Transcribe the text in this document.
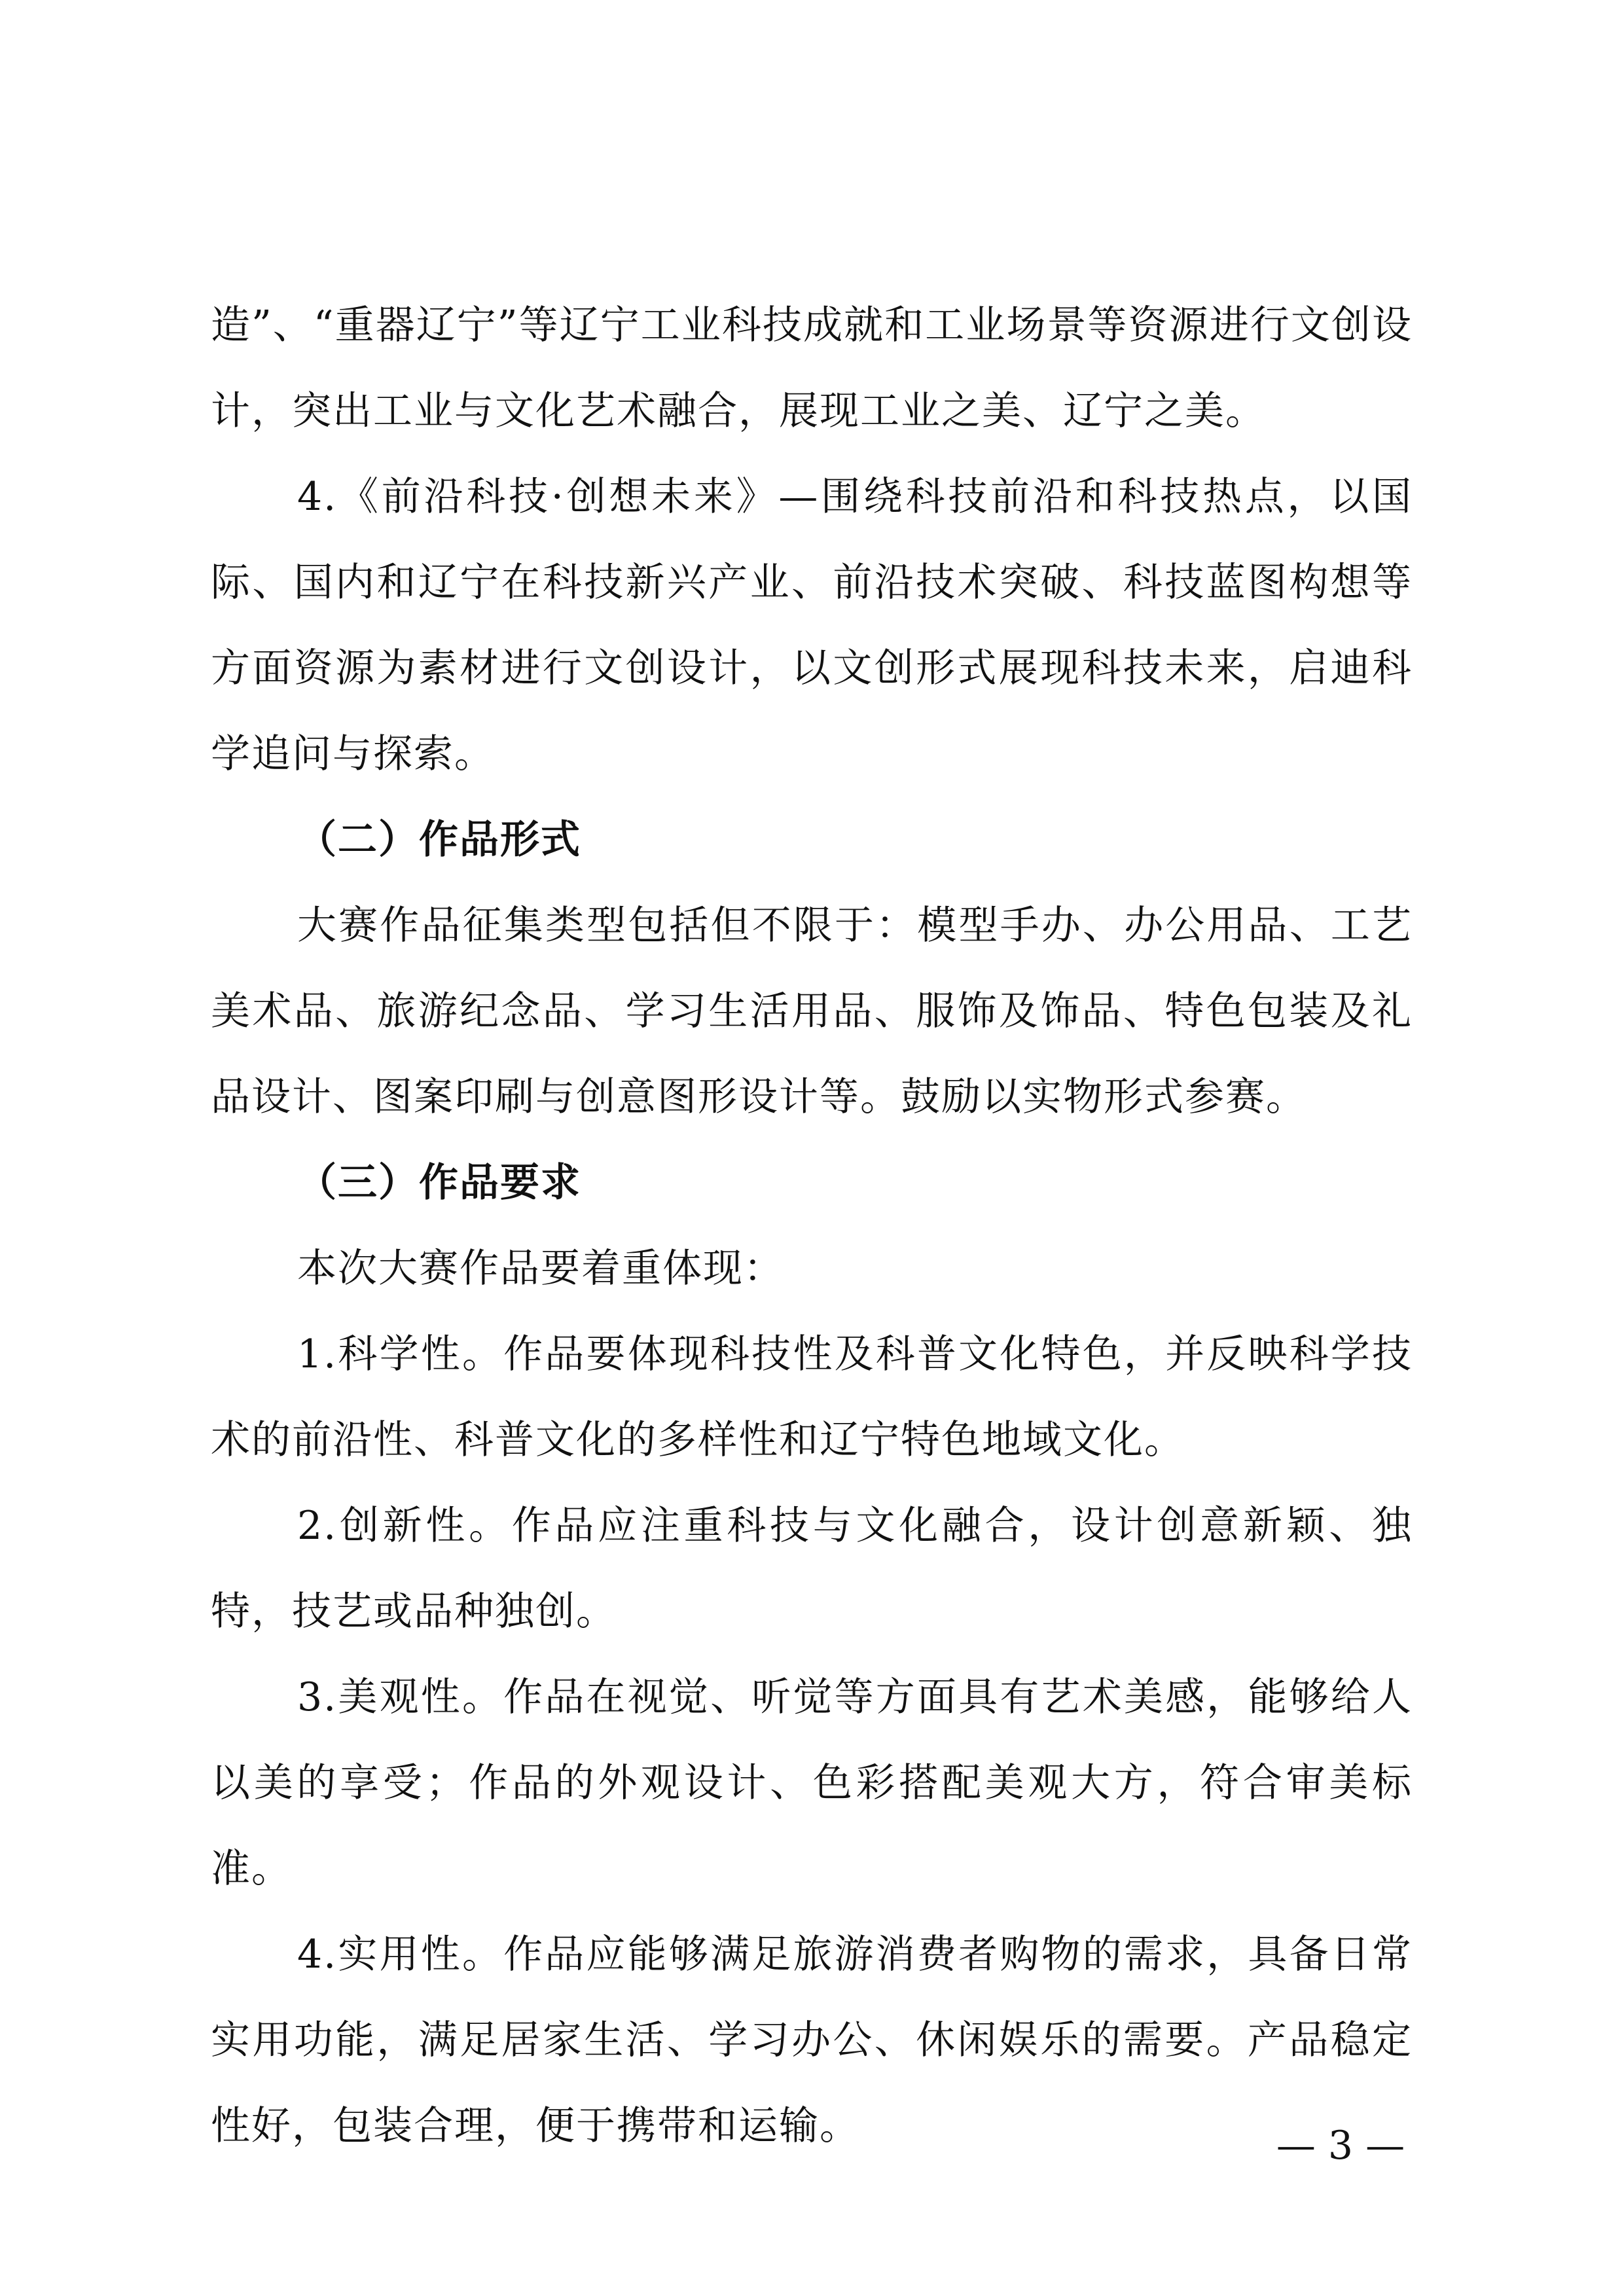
造”、“重器辽宁”等辽宁工业科技成就和工业场景等资源进行文创设计，突出工业与文化艺术融合，展现工业之美、辽宁之美。

4.《前沿科技·创想未来》—围绕科技前沿和科技热点，以国际、国内和辽宁在科技新兴产业、前沿技术突破、科技蓝图构想等方面资源为素材进行文创设计，以文创形式展现科技未来，启迪科学追问与探索。

（二）作品形式

大赛作品征集类型包括但不限于：模型手办、办公用品、工艺美术品、旅游纪念品、学习生活用品、服饰及饰品、特色包装及礼品设计、图案印刷与创意图形设计等。鼓励以实物形式参赛。

（三）作品要求

本次大赛作品要着重体现：

1.科学性。作品要体现科技性及科普文化特色，并反映科学技术的前沿性、科普文化的多样性和辽宁特色地域文化。

2.创新性。作品应注重科技与文化融合，设计创意新颖、独特，技艺或品种独创。

3.美观性。作品在视觉、听觉等方面具有艺术美感，能够给人以美的享受；作品的外观设计、色彩搭配美观大方，符合审美标准。

4.实用性。作品应能够满足旅游消费者购物的需求，具备日常实用功能，满足居家生活、学习办公、休闲娱乐的需要。产品稳定性好，包装合理，便于携带和运输。	— 3 —
